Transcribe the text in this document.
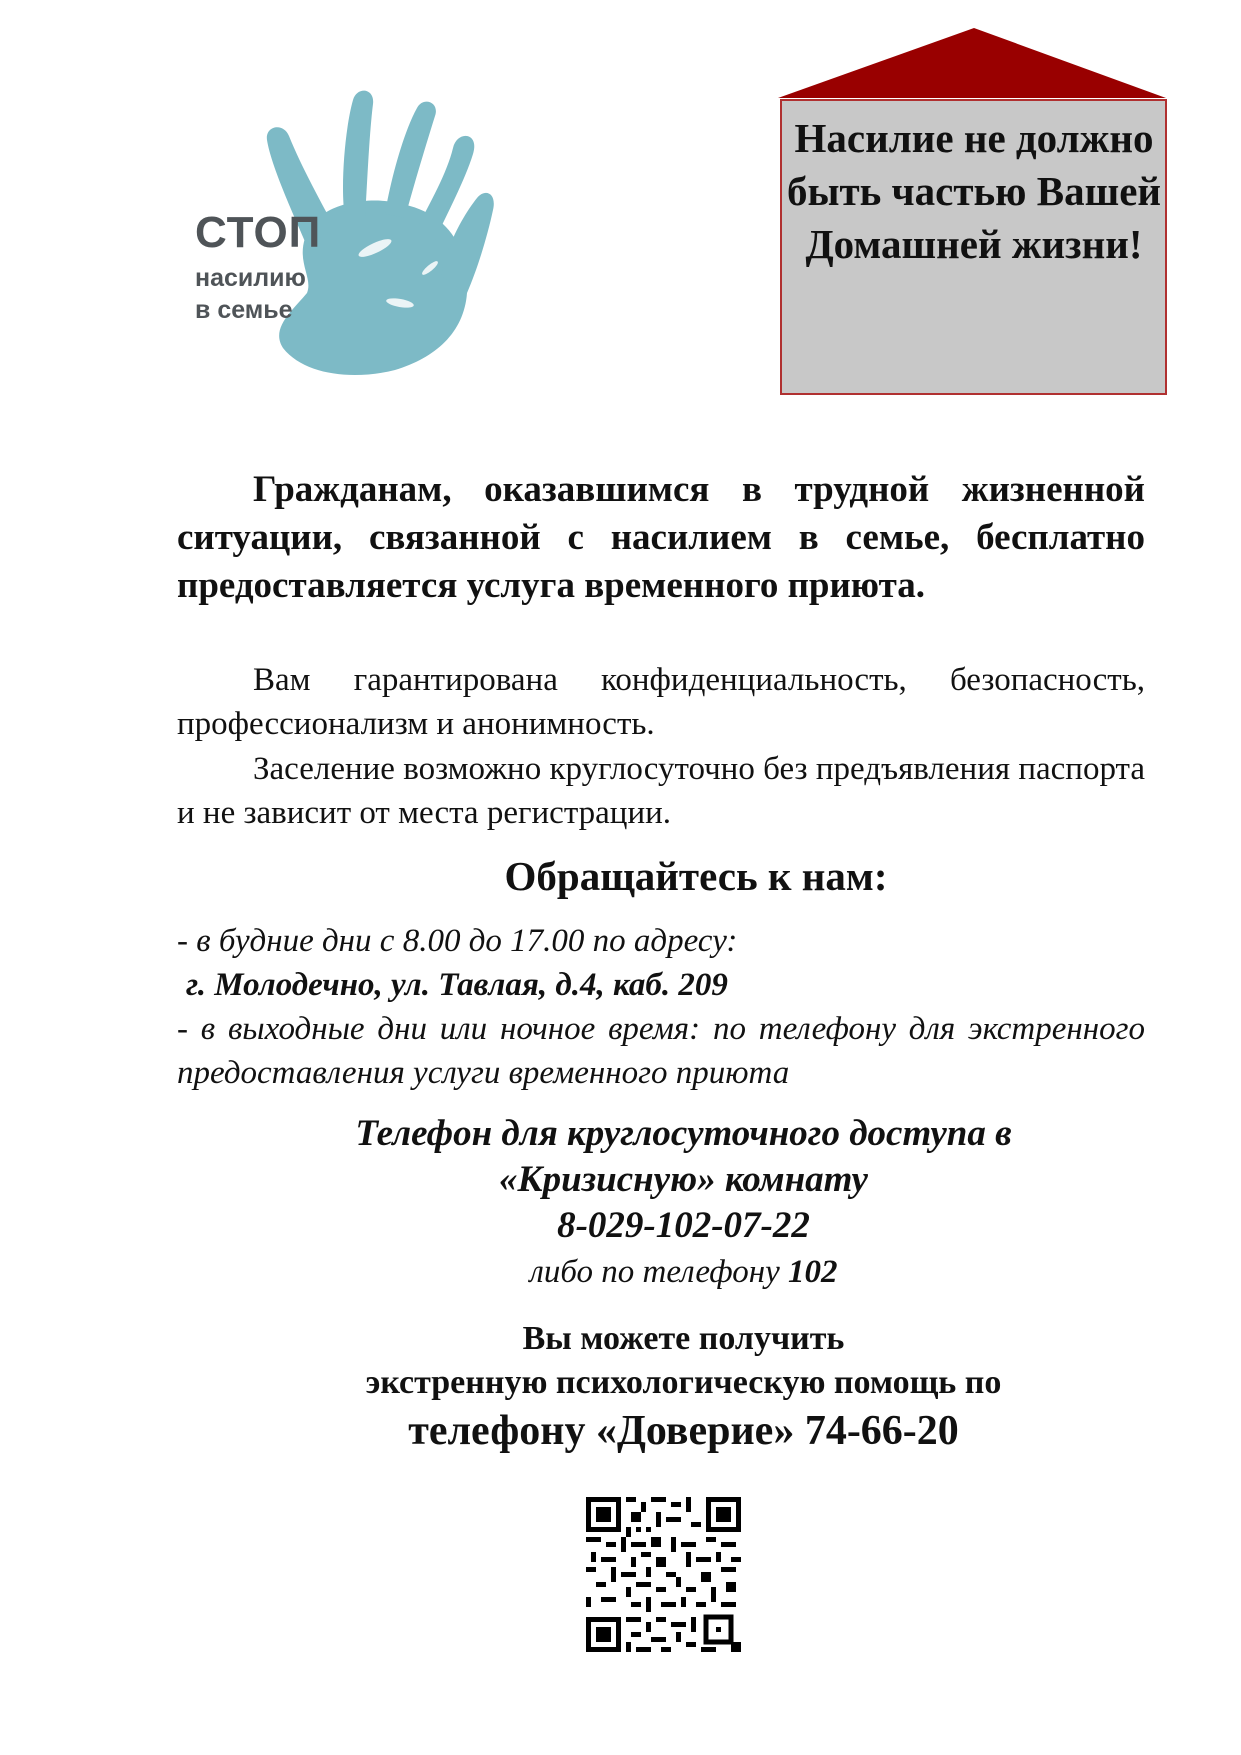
СТОП
насилию
в семье
Насилие не должно быть частью Вашей Домашней жизни!
Гражданам, оказавшимся в трудной жизненной ситуации, связанной с насилием в семье, бесплатно предоставляется услуга временного приюта.
Вам гарантирована конфиденциальность, безопасность, профессионализм и анонимность.
Заселение возможно круглосуточно без предъявления паспорта и не зависит от места регистрации.
Обращайтесь к нам:
- в будние дни с 8.00 до 17.00 по адресу:
г. Молодечно, ул. Тавлая, д.4, каб. 209
- в выходные дни или ночное время: по телефону для экстренного предоставления услуги временного приюта
Телефон для круглосуточного доступа в
«Кризисную» комнату
8-029-102-07-22
либо по телефону 102
Вы можете получить
экстренную психологическую помощь по
телефону «Доверие» 74-66-20
